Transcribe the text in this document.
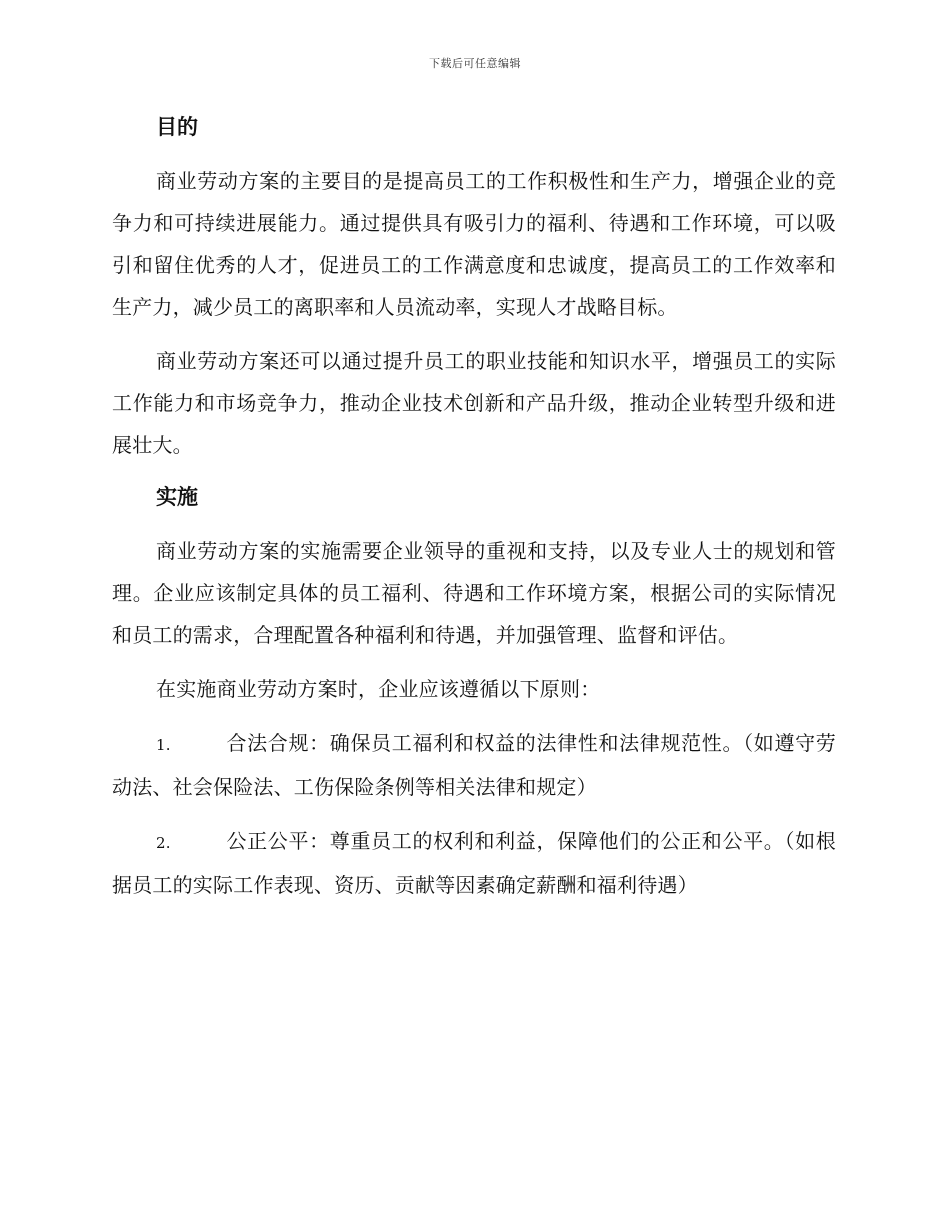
下载后可任意编辑
目的

商业劳动方案的主要目的是提高员工的工作积极性和生产力，增强企业的竞争力和可持续进展能力。通过提供具有吸引力的福利、待遇和工作环境，可以吸引和留住优秀的人才，促进员工的工作满意度和忠诚度，提高员工的工作效率和生产力，减少员工的离职率和人员流动率，实现人才战略目标。

商业劳动方案还可以通过提升员工的职业技能和知识水平，增强员工的实际工作能力和市场竞争力，推动企业技术创新和产品升级，推动企业转型升级和进展壮大。

实施

商业劳动方案的实施需要企业领导的重视和支持，以及专业人士的规划和管理。企业应该制定具体的员工福利、待遇和工作环境方案，根据公司的实际情况和员工的需求，合理配置各种福利和待遇，并加强管理、监督和评估。

在实施商业劳动方案时，企业应该遵循以下原则：

1.	合法合规：确保员工福利和权益的法律性和法律规范性。（如遵守劳动法、社会保险法、工伤保险条例等相关法律和规定）
2.	公正公平：尊重员工的权利和利益，保障他们的公正和公平。（如根据员工的实际工作表现、资历、贡献等因素确定薪酬和福利待遇）
